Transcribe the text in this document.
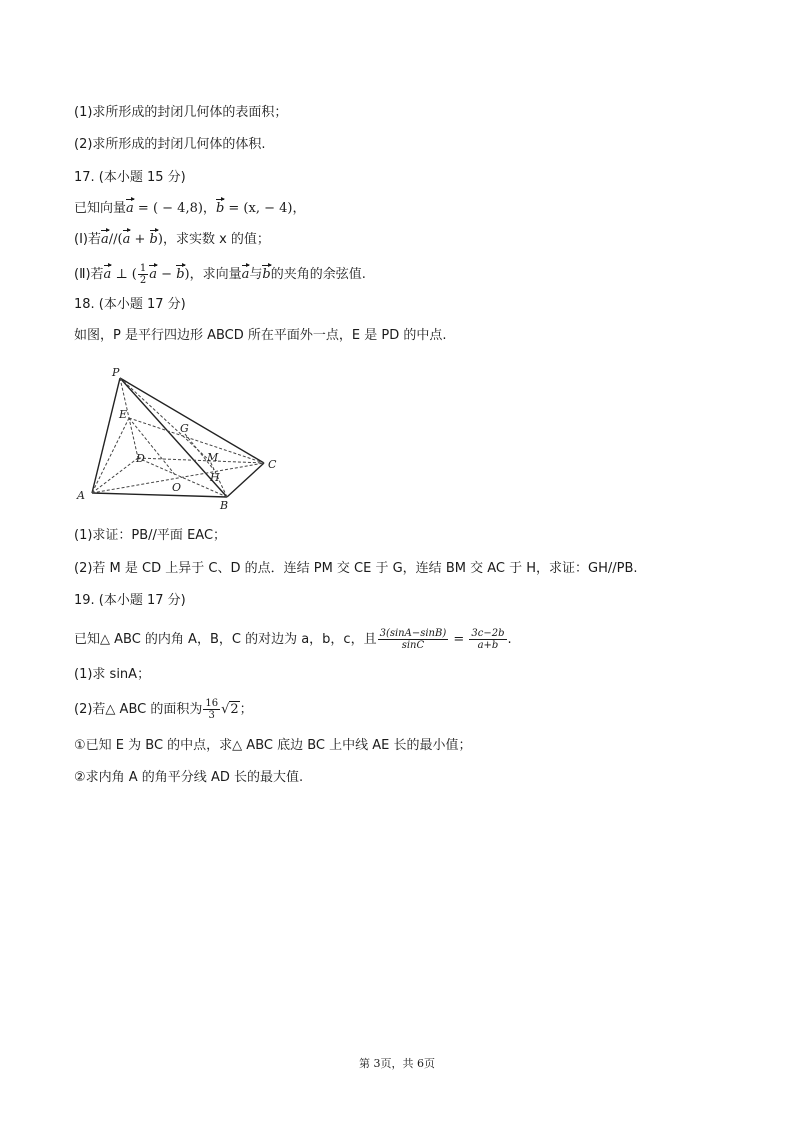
(1)求所形成的封闭几何体的表面积；
(2)求所形成的封闭几何体的体积.
17. (本小题 15 分)
已知向量a = ( − 4,8)，b = (x, − 4)，
(Ⅰ)若a//(a + b)，求实数 x 的值；
(Ⅱ)若a ⊥ ( $\frac{1}{2}$ a − b)，求向量a与b的夹角的余弦值.
18. (本小题 17 分)
如图，P 是平行四边形 ABCD 所在平面外一点，E 是 PD 的中点.
P
E
G
D	M
H
C
A
O
B
(1)求证：PB//平面 EAC；
(2)若 M 是 CD 上异于 C、D 的点．连结 PM 交 CE 于 G，连结 BM 交 AC 于 H，求证：GH//PB.
19. (本小题 17 分)
已知△ ABC 的内角 A，B，C 的对边为 a，b，c，且 $\frac{3(\sin A-\sin B)}{\sin C} = \frac{3c-2b}{a+b}$ .
(1)求 sinA；
(2)若△ ABC 的面积为 $\frac{16}{3} √2$；
①已知 E 为 BC 的中点，求△ ABC 底边 BC 上中线 AE 长的最小值；
②求内角 A 的角平分线 AD 长的最大值.
第 3页，共 6页
